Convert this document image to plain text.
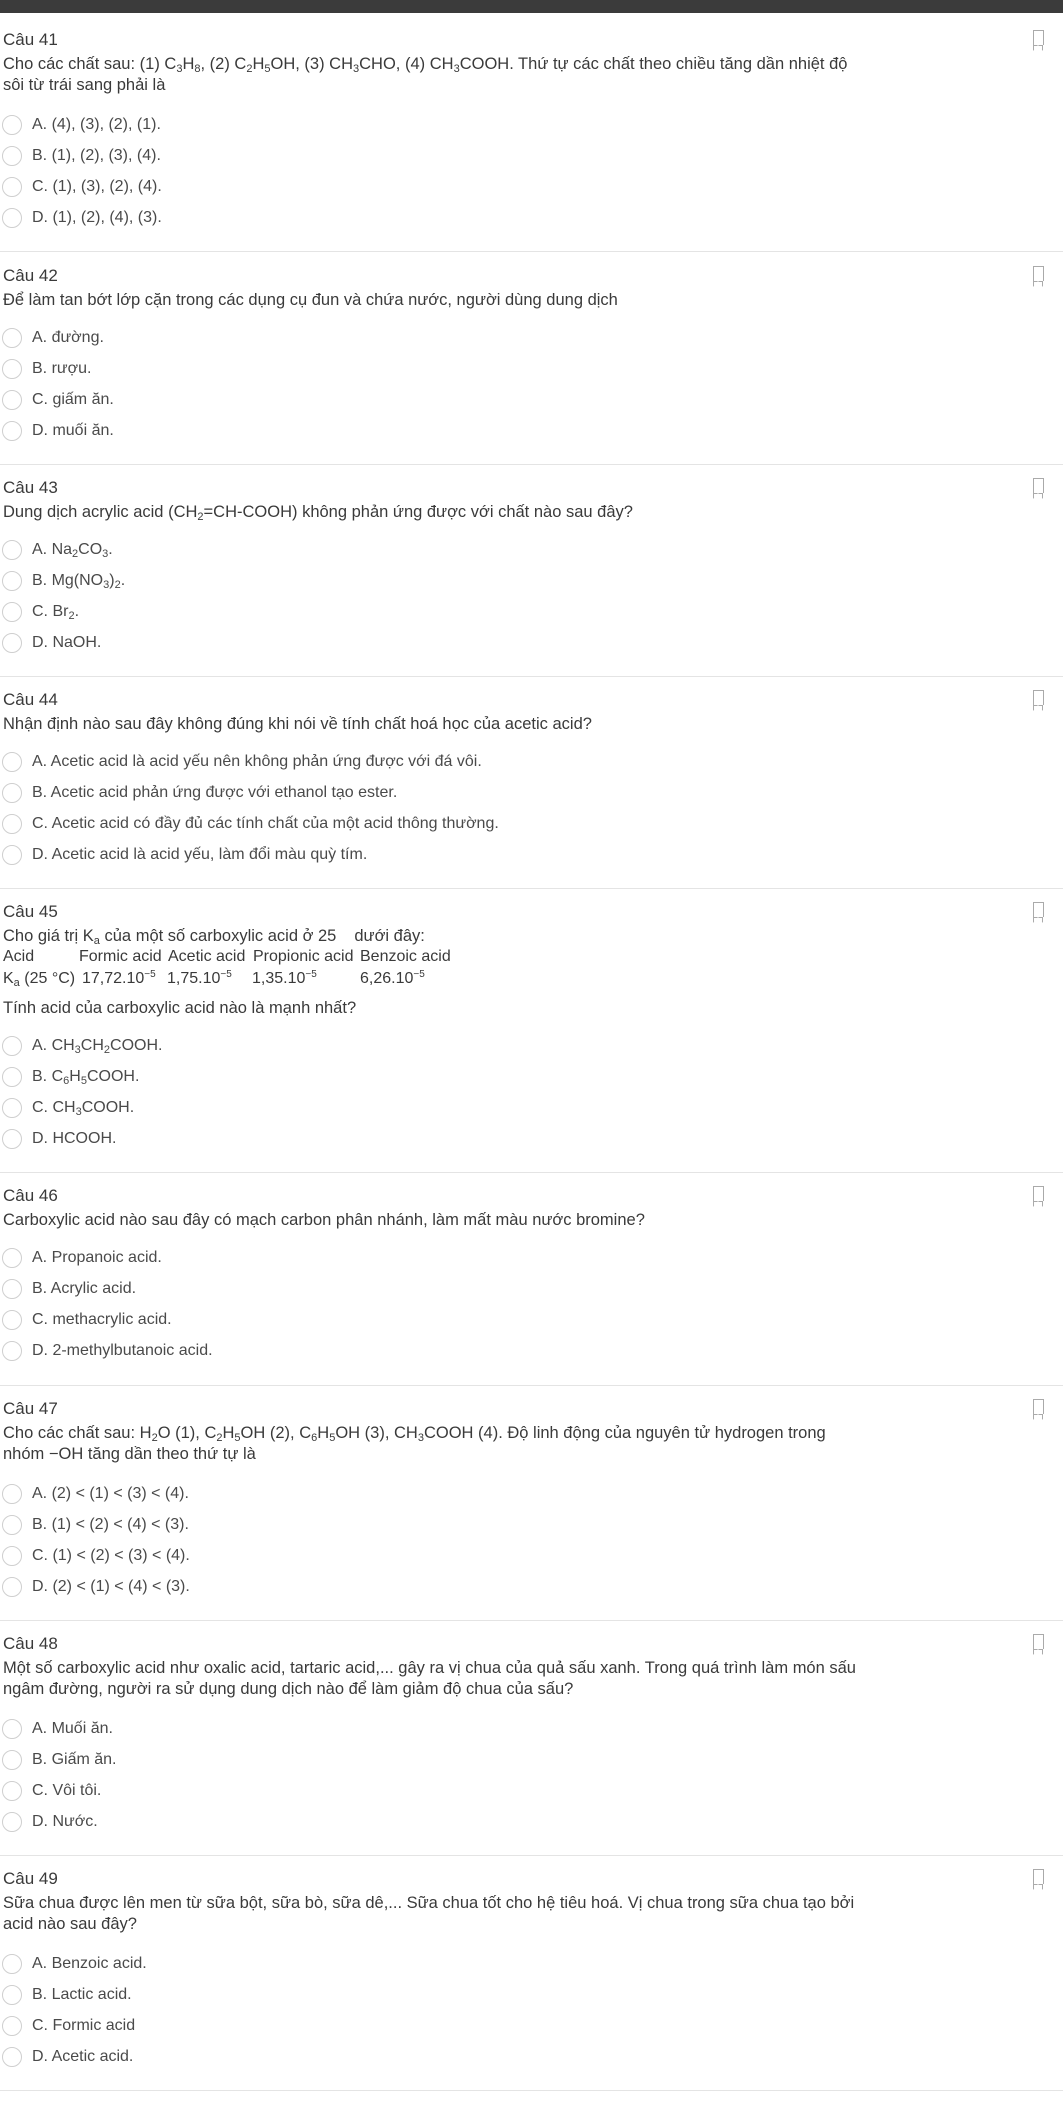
Câu 41
Cho các chất sau: (1) $C_3H_8$, (2) $C_2H_5OH$, (3) $CH_3CHO$, (4) $CH_3COOH$. Thứ tự các chất theo chiều tăng dần nhiệt độ
sôi từ trái sang phải là
A. (4), (3), (2), (1).
B. (1), (2), (3), (4).
C. (1), (3), (2), (4).
D. (1), (2), (4), (3).
Câu 42
Để làm tan bớt lớp cặn trong các dụng cụ đun và chứa nước, người dùng dung dịch
A. đường.
B. rượu.
C. giấm ăn.
D. muối ăn.
Câu 43
Dung dịch acrylic acid $(CH_2=CH-COOH)$ không phản ứng được với chất nào sau đây?
A. $Na_2CO_3$.
B. $Mg(NO_3)_2$.
C. $Br_2$.
D. NaOH.
Câu 44
Nhận định nào sau đây không đúng khi nói về tính chất hoá học của acetic acid?
A. Acetic acid là acid yếu nên không phản ứng được với đá vôi.
B. Acetic acid phản ứng được với ethanol tạo ester.
C. Acetic acid có đầy đủ các tính chất của một acid thông thường.
D. Acetic acid là acid yếu, làm đổi màu quỳ tím.
Câu 45
Cho giá trị $K_a$ của một số carboxylic acid ở 25 dưới đây:
Acid	Formic acid Acetic acid Propionic acid Benzoic acid
$K_a$ (25 °C) $17,72.10^{-5}$ $1,75.10^{-5}$ $1,35.10^{-5}$	$6,26.10^{-5}$
Tính acid của carboxylic acid nào là mạnh nhất?
A. $CH_3CH_2COOH$.
B. $C_6H_5COOH$.
C. $CH_3COOH$.
D. HCOOH.
Câu 46
Carboxylic acid nào sau đây có mạch carbon phân nhánh, làm mất màu nước bromine?
A. Propanoic acid.
B. Acrylic acid.
C. methacrylic acid.
D. 2-methylbutanoic acid.
Câu 47
Cho các chất sau: $H_2O$ (1), $C_2H_5OH$ (2), $C_6H_5OH$ (3), $CH_3COOH$ (4). Độ linh động của nguyên tử hydrogen trong
nhóm −OH tăng dần theo thứ tự là
A. (2) < (1) < (3) < (4).
B. (1) < (2) < (4) < (3).
C. (1) < (2) < (3) < (4).
D. (2) < (1) < (4) < (3).
Câu 48
Một số carboxylic acid như oxalic acid, tartaric acid,... gây ra vị chua của quả sấu xanh. Trong quá trình làm món sấu
ngâm đường, người ra sử dụng dung dịch nào để làm giảm độ chua của sấu?
A. Muối ăn.
B. Giấm ăn.
C. Vôi tôi.
D. Nước.
Câu 49
Sữa chua được lên men từ sữa bột, sữa bò, sữa dê,... Sữa chua tốt cho hệ tiêu hoá. Vị chua trong sữa chua tạo bởi
acid nào sau đây?
A. Benzoic acid.
B. Lactic acid.
C. Formic acid
D. Acetic acid.
